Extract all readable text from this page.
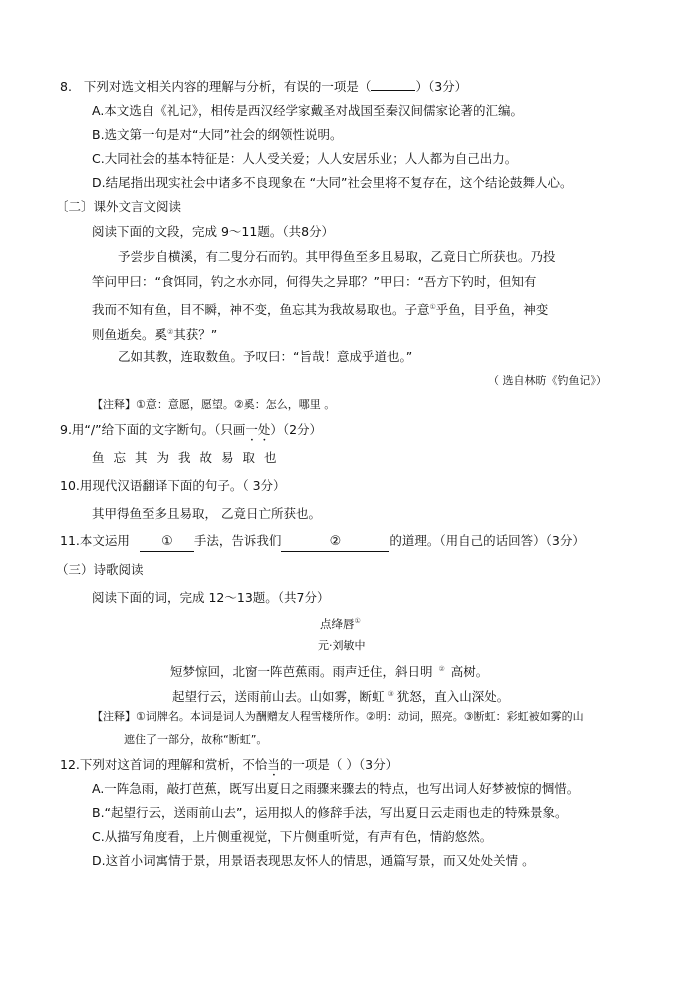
8. 下列对选文相关内容的理解与分析，有误的一项是（	）（3分）
A.本文选自《礼记》，相传是西汉经学家戴圣对战国至秦汉间儒家论著的汇编。
B.选文第一句是对“大同”社会的纲领性说明。
C.大同社会的基本特征是：人人受关爱；人人安居乐业；人人都为自己出力。
D.结尾指出现实社会中诸多不良现象在 “大同”社会里将不复存在，这个结论鼓舞人心。
〔二〕课外文言文阅读
阅读下面的文段，完成 9～11题。（共8分）
予尝步自横溪，有二叟分石而钓。其甲得鱼至多且易取，乙竟日亡所获也。乃投
竿问甲曰：“食饵同，钓之水亦同，何得失之异耶？”甲曰：“吾方下钓时，但知有
我而不知有鱼，目不瞬，神不变，鱼忘其为我故易取也。子意①乎鱼，目乎鱼，神变
则鱼逝矣。奚②其获？”
乙如其教，连取数鱼。予叹曰：“旨哉！意成乎道也。”
（ 选自林昉《钓鱼记》）
【注释】①意：意愿，愿望。②奚：怎么，哪里 。
9.用“/”给下面的文字断句。（只画一处）（2分）
鱼忘其为我故易取也
10.用现代汉语翻译下面的句子。（ 3分）
其甲得鱼至多且易取， 乙竟日亡所获也。
11.本文运用 ① 手法，告诉我们	②	的道理。（用自己的话回答）（3分）
（三）诗歌阅读
阅读下面的词，完成 12～13题。（共7分）
点绛唇①
元·刘敏中
短梦惊回，北窗一阵芭蕉雨。雨声迁住，斜日明 ② 高树。
起望行云，送雨前山去。山如雾，断虹 ③ 犹怒，直入山深处。
【注释】①词牌名。本词是词人为酬赠友人程雪楼所作。②明：动词，照亮。③断虹：彩虹被如雾的山
遮住了一部分，故称“断虹”。
12.下列对这首词的理解和赏析，不恰当的一项是（ ）（3分）
A.一阵急雨，敲打芭蕉，既写出夏日之雨骤来骤去的特点，也写出词人好梦被惊的惆惜。
B.“起望行云，送雨前山去”，运用拟人的修辞手法，写出夏日云走雨也走的特殊景象。
C.从描写角度看，上片侧重视觉，下片侧重听觉，有声有色，情韵悠然。
D.这首小词寓情于景，用景语表现思友怀人的情思，通篇写景，而又处处关情 。
